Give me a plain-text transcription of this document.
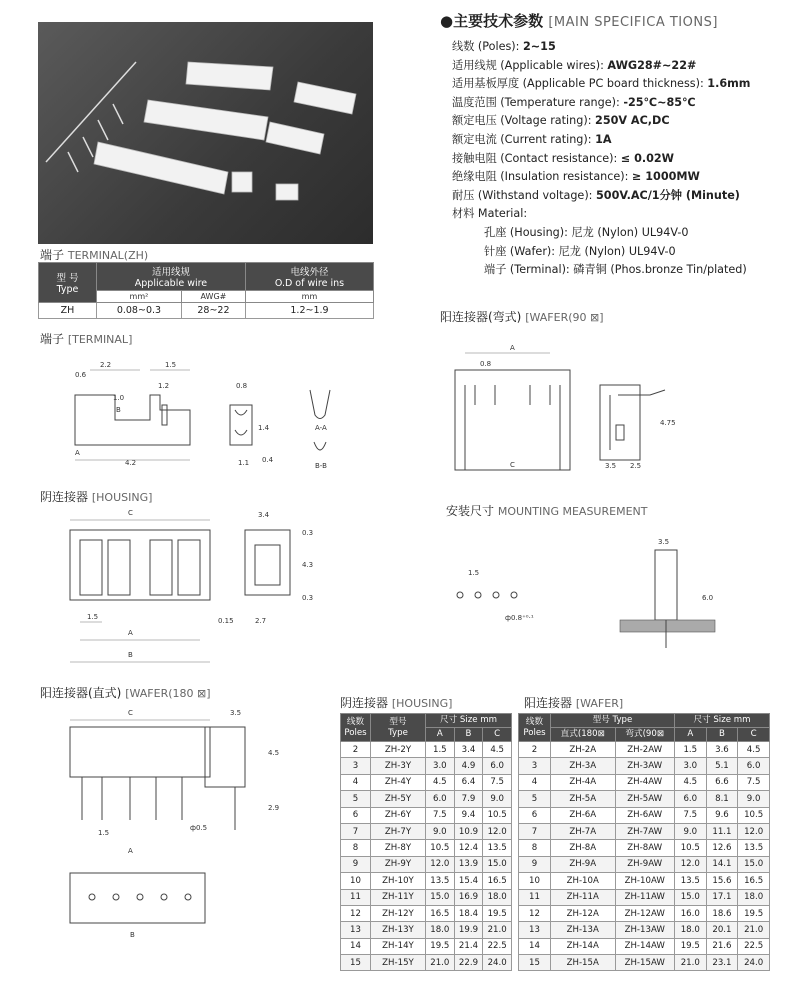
端子 TERMINAL(ZH)
型 号
Type	适用线规
Applicable wire		电线外径
O.D of wire ins
	mm²	AWG#	mm
ZH	0.08~0.3	28~22	1.2~1.9
●主要技术参数 [MAIN SPECIFICA TIONS]
线数 (Poles): 2~15
适用线规 (Applicable wires): AWG28#~22#
适用基板厚度 (Applicable PC board thickness): 1.6mm
温度范围 (Temperature range): -25℃~85℃
额定电压 (Voltage rating): 250V AC,DC
额定电流 (Current rating): 1A
接触电阻 (Contact resistance): ≤ 0.02W
绝缘电阻 (Insulation resistance): ≥ 1000MW
耐压 (Withstand voltage): 500V.AC/1分钟 (Minute)
材料 Material:
孔座 (Housing): 尼龙 (Nylon) UL94V-0
针座 (Wafer): 尼龙 (Nylon) UL94V-0
端子 (Terminal): 磷青铜 (Phos.bronze Tin/plated)
端子 [TERMINAL]
阳连接器(弯式) [WAFER(90 ⊠]
阴连接器 [HOUSING]
安装尺寸 MOUNTING MEASUREMENT
阳连接器(直式) [WAFER(180 ⊠]
阴连接器 [HOUSING]	阳连接器 [WAFER]
2.2	1.5
0.6
1.0
1.2
A
B
4.2
0.8
1.4
1.1 0.4
A-A
B-B
A
0.8
C
4.75
3.5 2.5
C
1.5
A
B
3.4
0.3
4.3
0.3
0.15	2.7
1.5
ф0.8⁺⁰·¹
3.5
6.0
C
1.5
ф0.5
A
B
3.5
4.5
2.9
线数
Poles	型号
Type	尺寸 Size mm		
		A	B	C
2	ZH-2Y	1.5	3.4	4.5
3	ZH-3Y	3.0	4.9	6.0
4	ZH-4Y	4.5	6.4	7.5
5	ZH-5Y	6.0	7.9	9.0
6	ZH-6Y	7.5	9.4	10.5
7	ZH-7Y	9.0	10.9	12.0
8	ZH-8Y	10.5	12.4	13.5
9	ZH-9Y	12.0	13.9	15.0
10	ZH-10Y	13.5	15.4	16.5
11	ZH-11Y	15.0	16.9	18.0
12	ZH-12Y	16.5	18.4	19.5
13	ZH-13Y	18.0	19.9	21.0
14	ZH-14Y	19.5	21.4	22.5
15	ZH-15Y	21.0	22.9	24.0
线数
Poles	型号 Type		尺寸 Size mm		
	直式(180⊠	弯式(90⊠	A	B	C
2	ZH-2A	ZH-2AW	1.5	3.6	4.5
3	ZH-3A	ZH-3AW	3.0	5.1	6.0
4	ZH-4A	ZH-4AW	4.5	6.6	7.5
5	ZH-5A	ZH-5AW	6.0	8.1	9.0
6	ZH-6A	ZH-6AW	7.5	9.6	10.5
7	ZH-7A	ZH-7AW	9.0	11.1	12.0
8	ZH-8A	ZH-8AW	10.5	12.6	13.5
9	ZH-9A	ZH-9AW	12.0	14.1	15.0
10	ZH-10A	ZH-10AW	13.5	15.6	16.5
11	ZH-11A	ZH-11AW	15.0	17.1	18.0
12	ZH-12A	ZH-12AW	16.0	18.6	19.5
13	ZH-13A	ZH-13AW	18.0	20.1	21.0
14	ZH-14A	ZH-14AW	19.5	21.6	22.5
15	ZH-15A	ZH-15AW	21.0	23.1	24.0
